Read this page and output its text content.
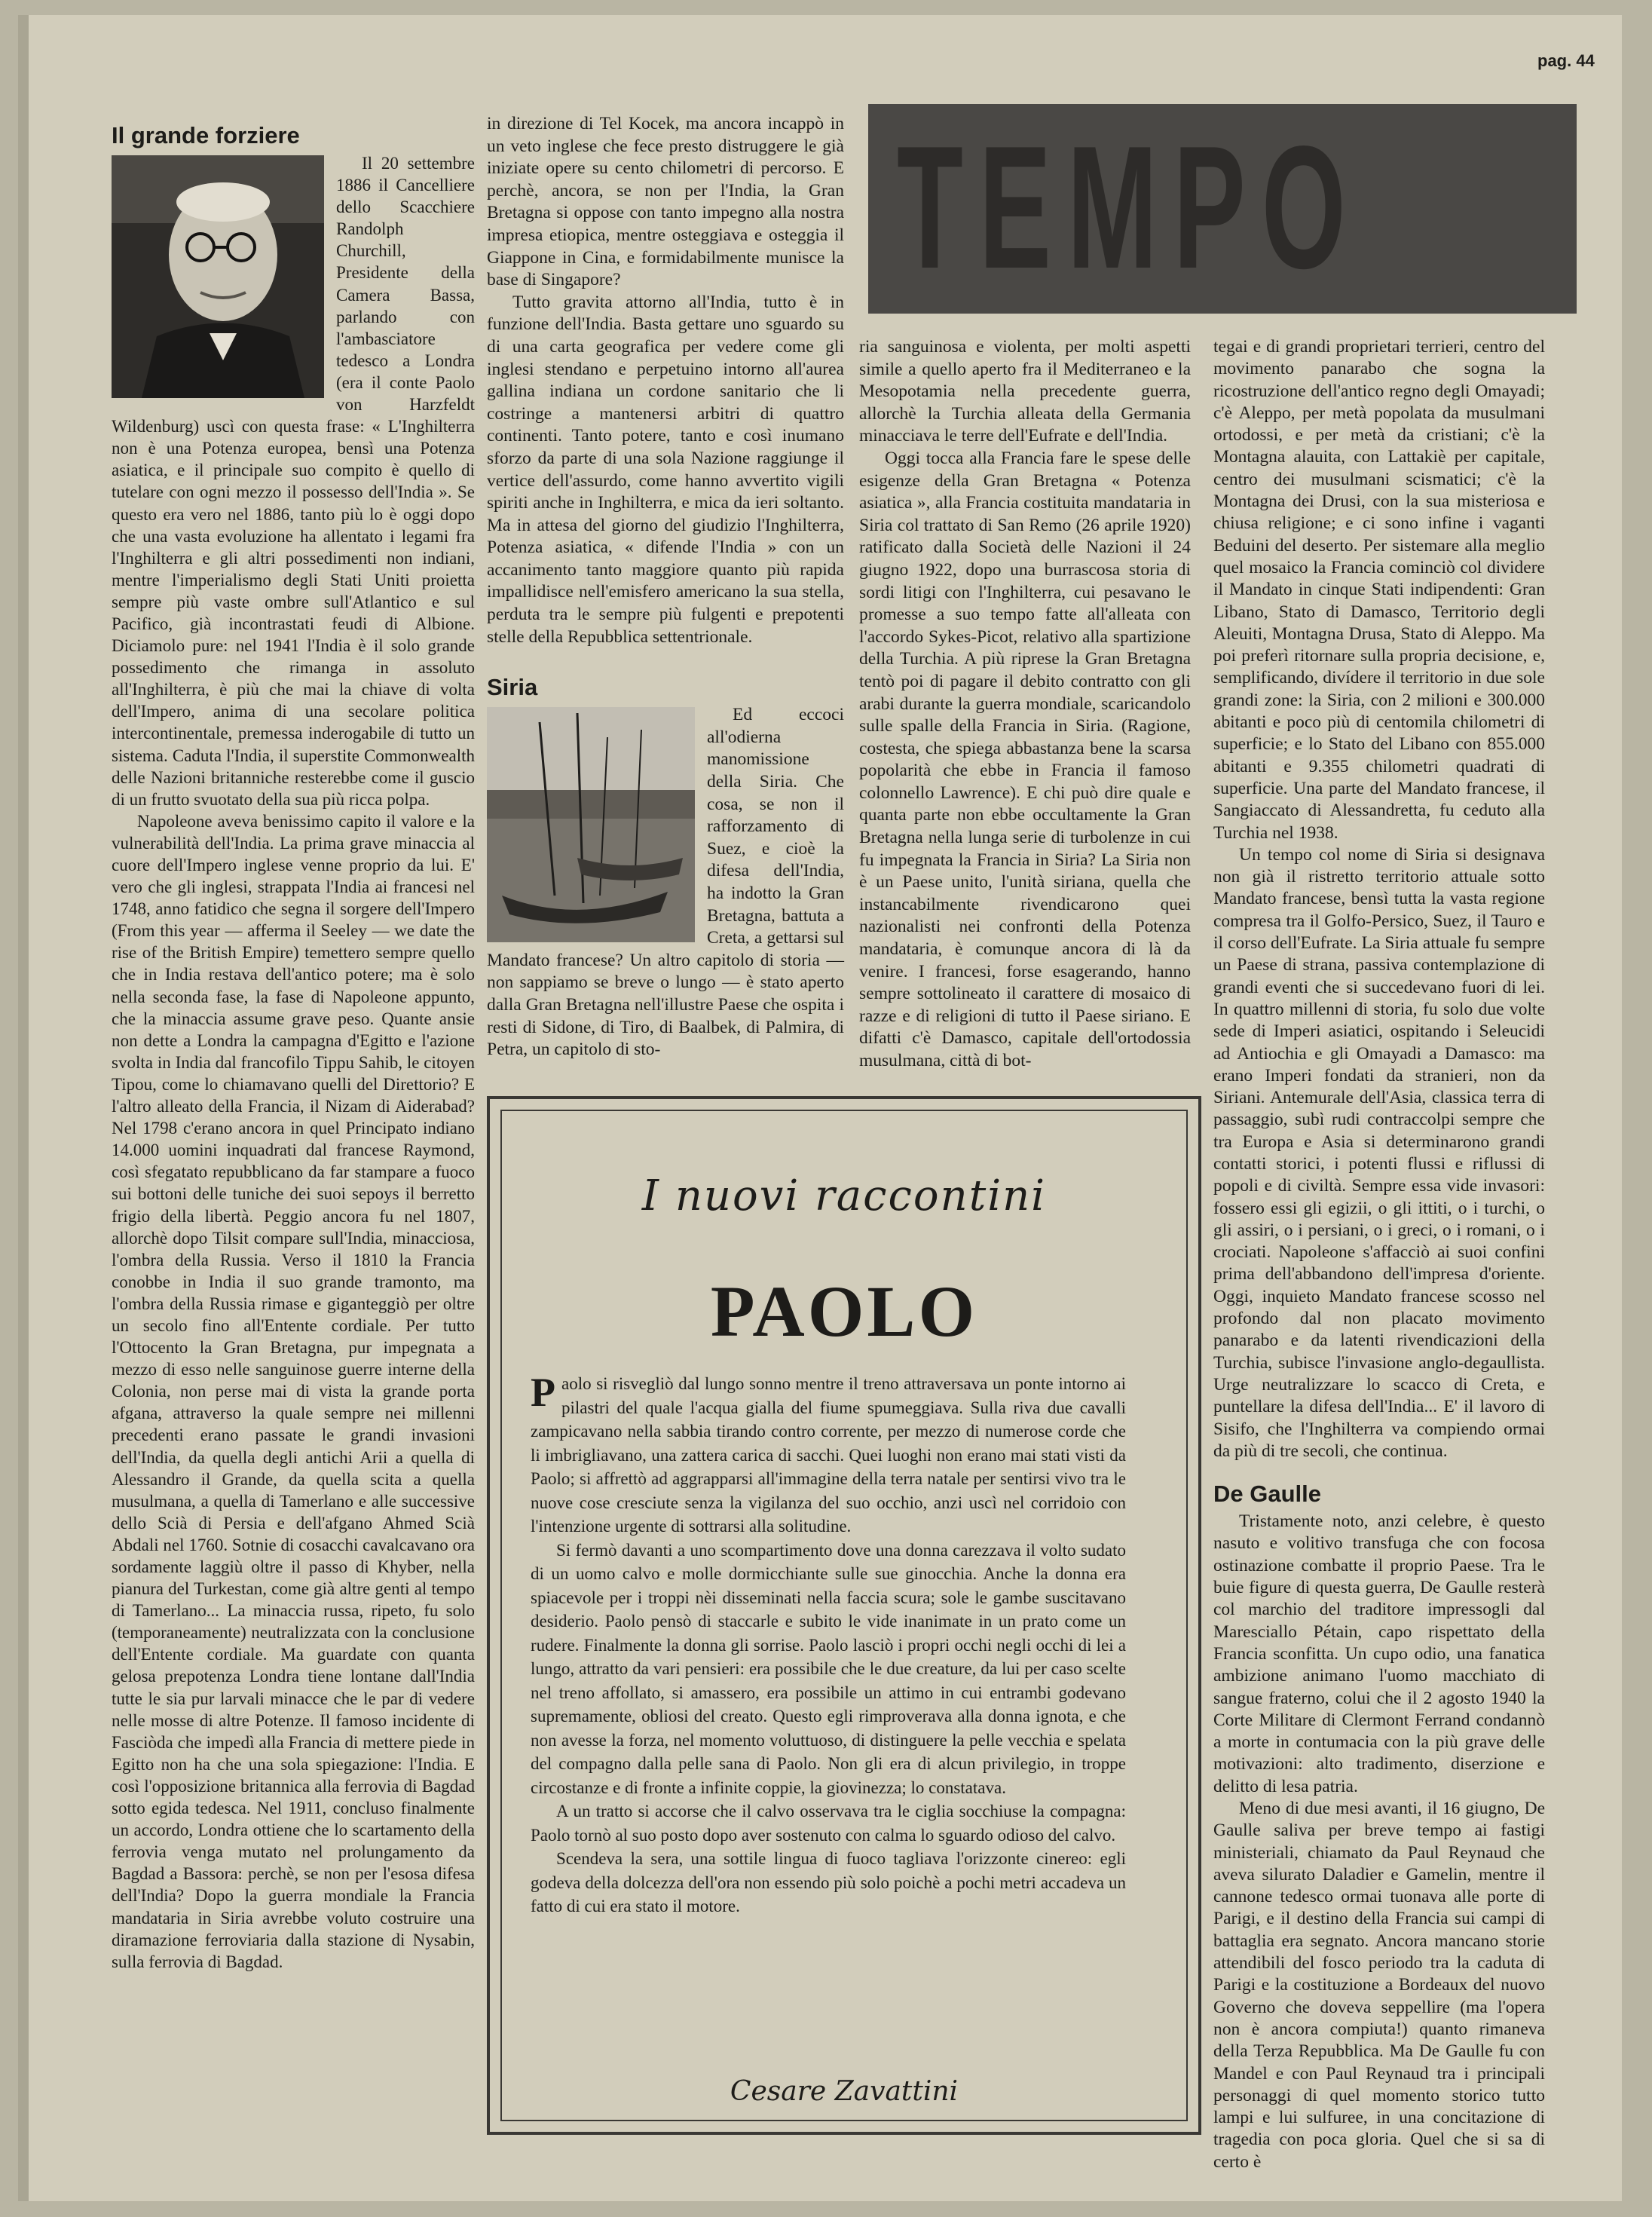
pag. 44
TEMPO
Il grande forziere

Il 20 settembre 1886 il Cancelliere dello Scacchiere Randolph Churchill, Presidente della Camera Bassa, parlando con l'ambasciatore tedesco a Londra (era il conte Paolo von Harzfeldt Wildenburg) uscì con questa frase: « L'Inghilterra non è una Potenza europea, bensì una Potenza asiatica, e il principale suo compito è quello di tutelare con ogni mezzo il possesso dell'India ». Se questo era vero nel 1886, tanto più lo è oggi dopo che una vasta evoluzione ha allentato i legami fra l'Inghilterra e gli altri possedimenti non indiani, mentre l'imperialismo degli Stati Uniti proietta sempre più vaste ombre sull'Atlantico e sul Pacifico, già incontrastati feudi di Albione. Diciamolo pure: nel 1941 l'India è il solo grande possedimento che rimanga in assoluto all'Inghilterra, è più che mai la chiave di volta dell'Impero, anima di una secolare politica intercontinentale, premessa inderogabile di tutto un sistema. Caduta l'India, il superstite Commonwealth delle Nazioni britanniche resterebbe come il guscio di un frutto svuotato della sua più ricca polpa.

Napoleone aveva benissimo capito il valore e la vulnerabilità dell'India. La prima grave minaccia al cuore dell'Impero inglese venne proprio da lui. E' vero che gli inglesi, strappata l'India ai francesi nel 1748, anno fatidico che segna il sorgere dell'Impero (From this year — afferma il Seeley — we date the rise of the British Empire) temettero sempre quello che in India restava dell'antico potere; ma è solo nella seconda fase, la fase di Napoleone appunto, che la minaccia assume grave peso. Quante ansie non dette a Londra la campagna d'Egitto e l'azione svolta in India dal francofilo Tippu Sahib, le citoyen Tipou, come lo chiamavano quelli del Direttorio? E l'altro alleato della Francia, il Nizam di Aiderabad? Nel 1798 c'erano ancora in quel Principato indiano 14.000 uomini inquadrati dal francese Raymond, così sfegatato repubblicano da far stampare a fuoco sui bottoni delle tuniche dei suoi sepoys il berretto frigio della libertà. Peggio ancora fu nel 1807, allorchè dopo Tilsit compare sull'India, minacciosa, l'ombra della Russia. Verso il 1810 la Francia conobbe in India il suo grande tramonto, ma l'ombra della Russia rimase e giganteggiò per oltre un secolo fino all'Entente cordiale. Per tutto l'Ottocento la Gran Bretagna, pur impegnata a mezzo di esso nelle sanguinose guerre interne della Colonia, non perse mai di vista la grande porta afgana, attraverso la quale sempre nei millenni precedenti erano passate le grandi invasioni dell'India, da quella degli antichi Arii a quella di Alessandro il Grande, da quella scita a quella musulmana, a quella di Tamerlano e alle successive dello Scià di Persia e dell'afgano Ahmed Scià Abdali nel 1760. Sotnie di cosacchi cavalcavano ora sordamente laggiù oltre il passo di Khyber, nella pianura del Turkestan, come già altre genti al tempo di Tamerlano... La minaccia russa, ripeto, fu solo (temporaneamente) neutralizzata con la conclusione dell'Entente cordiale. Ma guardate con quanta gelosa prepotenza Londra tiene lontane dall'India tutte le sia pur larvali minacce che le par di vedere nelle mosse di altre Potenze. Il famoso incidente di Fasciòda che impedì alla Francia di mettere piede in Egitto non ha che una sola spiegazione: l'India. E così l'opposizione britannica alla ferrovia di Bagdad sotto egida tedesca. Nel 1911, concluso finalmente un accordo, Londra ottiene che lo scartamento della ferrovia venga mutato nel prolungamento da Bagdad a Bassora: perchè, se non per l'esosa difesa dell'India? Dopo la guerra mondiale la Francia mandataria in Siria avrebbe voluto costruire una diramazione ferroviaria dalla stazione di Nysabin, sulla ferrovia di Bagdad.

in direzione di Tel Kocek, ma ancora incappò in un veto inglese che fece presto distruggere le già iniziate opere su cento chilometri di percorso. E perchè, ancora, se non per l'India, la Gran Bretagna si oppose con tanto impegno alla nostra impresa etiopica, mentre osteggiava e osteggia il Giappone in Cina, e formidabilmente munisce la base di Singapore?

Tutto gravita attorno all'India, tutto è in funzione dell'India. Basta gettare uno sguardo su di una carta geografica per vedere come gli inglesi stendano e perpetuino intorno all'aurea gallina indiana un cordone sanitario che li costringe a mantenersi arbitri di quattro continenti. Tanto potere, tanto e così inumano sforzo da parte di una sola Nazione raggiunge il vertice dell'assurdo, come hanno avvertito vigili spiriti anche in Inghilterra, e mica da ieri soltanto. Ma in attesa del giorno del giudizio l'Inghilterra, Potenza asiatica, « difende l'India » con un accanimento tanto maggiore quanto più rapida impallidisce nell'emisfero americano la sua stella, perduta tra le sempre più fulgenti e prepotenti stelle della Repubblica settentrionale.

Siria

Ed eccoci all'odierna manomissione della Siria. Che cosa, se non il rafforzamento di Suez, e cioè la difesa dell'India, ha indotto la Gran Bretagna, battuta a Creta, a gettarsi sul Mandato francese? Un altro capitolo di storia — non sappiamo se breve o lungo — è stato aperto dalla Gran Bretagna nell'illustre Paese che ospita i resti di Sidone, di Tiro, di Baalbek, di Palmira, di Petra, un capitolo di sto-

ria sanguinosa e violenta, per molti aspetti simile a quello aperto fra il Mediterraneo e la Mesopotamia nella precedente guerra, allorchè la Turchia alleata della Germania minacciava le terre dell'Eufrate e dell'India.

Oggi tocca alla Francia fare le spese delle esigenze della Gran Bretagna « Potenza asiatica », alla Francia costituita mandataria in Siria col trattato di San Remo (26 aprile 1920) ratificato dalla Società delle Nazioni il 24 giugno 1922, dopo una burrascosa storia di sordi litigi con l'Inghilterra, cui pesavano le promesse a suo tempo fatte all'alleata con l'accordo Sykes-Picot, relativo alla spartizione della Turchia. A più riprese la Gran Bretagna tentò poi di pagare il debito contratto con gli arabi durante la guerra mondiale, scaricandolo sulle spalle della Francia in Siria. (Ragione, costesta, che spiega abbastanza bene la scarsa popolarità che ebbe in Francia il famoso colonnello Lawrence). E chi può dire quale e quanta parte non ebbe occultamente la Gran Bretagna nella lunga serie di turbolenze in cui fu impegnata la Francia in Siria? La Siria non è un Paese unito, l'unità siriana, quella che instancabilmente rivendicarono quei nazionalisti nei confronti della Potenza mandataria, è comunque ancora di là da venire. I francesi, forse esagerando, hanno sempre sottolineato il carattere di mosaico di razze e di religioni di tutto il Paese siriano. E difatti c'è Damasco, capitale dell'ortodossia musulmana, città di bot-

tegai e di grandi proprietari terrieri, centro del movimento panarabo che sogna la ricostruzione dell'antico regno degli Omayadi; c'è Aleppo, per metà popolata da musulmani ortodossi, e per metà da cristiani; c'è la Montagna alauita, con Lattakiè per capitale, centro dei musulmani scismatici; c'è la Montagna dei Drusi, con la sua misteriosa e chiusa religione; e ci sono infine i vaganti Beduini del deserto. Per sistemare alla meglio quel mosaico la Francia cominciò col dividere il Mandato in cinque Stati indipendenti: Gran Libano, Stato di Damasco, Territorio degli Aleuiti, Montagna Drusa, Stato di Aleppo. Ma poi preferì ritornare sulla propria decisione, e, semplificando, divídere il territorio in due sole grandi zone: la Siria, con 2 milioni e 300.000 abitanti e poco più di centomila chilometri di superficie; e lo Stato del Libano con 855.000 abitanti e 9.355 chilometri quadrati di superficie. Una parte del Mandato francese, il Sangiaccato di Alessandretta, fu ceduto alla Turchia nel 1938.

Un tempo col nome di Siria si designava non già il ristretto territorio attuale sotto Mandato francese, bensì tutta la vasta regione compresa tra il Golfo-Persico, Suez, il Tauro e il corso dell'Eufrate. La Siria attuale fu sempre un Paese di strana, passiva contemplazione di grandi eventi che si succedevano fuori di lei. In quattro millenni di storia, fu solo due volte sede di Imperi asiatici, ospitando i Seleucidi ad Antiochia e gli Omayadi a Damasco: ma erano Imperi fondati da stranieri, non da Siriani. Antemurale dell'Asia, classica terra di passaggio, subì rudi contraccolpi sempre che tra Europa e Asia si determinarono grandi contatti storici, i potenti flussi e riflussi di popoli e di civiltà. Sempre essa vide invasori: fossero essi gli egizii, o gli ittiti, o i turchi, o gli assiri, o i persiani, o i greci, o i romani, o i crociati. Napoleone s'affacciò ai suoi confini prima dell'abbandono dell'impresa d'oriente. Oggi, inquieto Mandato francese scosso nel profondo dal non placato movimento panarabo e da latenti rivendicazioni della Turchia, subisce l'invasione anglo-degaullista. Urge neutralizzare lo scacco di Creta, e puntellare la difesa dell'India... E' il lavoro di Sisifo, che l'Inghilterra va compiendo ormai da più di tre secoli, che continua.

De Gaulle

Tristamente noto, anzi celebre, è questo nasuto e volitivo transfuga che con focosa ostinazione combatte il proprio Paese. Tra le buie figure di questa guerra, De Gaulle resterà col marchio del traditore impressogli dal Maresciallo Pétain, capo rispettato della Francia sconfitta. Un cupo odio, una fanatica ambizione animano l'uomo macchiato di sangue fraterno, colui che il 2 agosto 1940 la Corte Militare di Clermont Ferrand condannò a morte in contumacia con la più grave delle motivazioni: alto tradimento, diserzione e delitto di lesa patria.

Meno di due mesi avanti, il 16 giugno, De Gaulle saliva per breve tempo ai fastigi ministeriali, chiamato da Paul Reynaud che aveva silurato Daladier e Gamelin, mentre il cannone tedesco ormai tuonava alle porte di Parigi, e il destino della Francia sui campi di battaglia era segnato. Ancora mancano storie attendibili del fosco periodo tra la caduta di Parigi e la costituzione a Bordeaux del nuovo Governo che doveva seppellire (ma l'opera non è ancora compiuta!) quanto rimaneva della Terza Repubblica. Ma De Gaulle fu con Mandel e con Paul Reynaud tra i principali personaggi di quel momento storico tutto lampi e lui sulfuree, in una concitazione di tragedia con poca gloria. Quel che si sa di certo è

I nuovi raccontini
PAOLO

Paolo si risvegliò dal lungo sonno mentre il treno attraversava un ponte intorno ai pilastri del quale l'acqua gialla del fiume spumeggiava. Sulla riva due cavalli zampicavano nella sabbia tirando contro corrente, per mezzo di numerose corde che li imbrigliavano, una zattera carica di sacchi. Quei luoghi non erano mai stati visti da Paolo; si affrettò ad aggrapparsi all'immagine della terra natale per sentirsi vivo tra le nuove cose cresciute senza la vigilanza del suo occhio, anzi uscì nel corridoio con l'intenzione urgente di sottrarsi alla solitudine.

Si fermò davanti a uno scompartimento dove una donna carezzava il volto sudato di un uomo calvo e molle dormicchiante sulle sue ginocchia. Anche la donna era spiacevole per i troppi nèi disseminati nella faccia scura; sole le gambe suscitavano desiderio. Paolo pensò di staccarle e subito le vide inanimate in un prato come un rudere. Finalmente la donna gli sorrise. Paolo lasciò i propri occhi negli occhi di lei a lungo, attratto da vari pensieri: era possibile che le due creature, da lui per caso scelte nel treno affollato, si amassero, era possibile un attimo in cui entrambi godevano supremamente, obliosi del creato. Questo egli rimproverava alla donna ignota, e che non avesse la forza, nel momento voluttuoso, di distinguere la pelle vecchia e spelata del compagno dalla pelle sana di Paolo. Non gli era di alcun privilegio, in troppe circostanze e di fronte a infinite coppie, la giovinezza; lo constatava.

A un tratto si accorse che il calvo osservava tra le ciglia socchiuse la compagna: Paolo tornò al suo posto dopo aver sostenuto con calma lo sguardo odioso del calvo.

Scendeva la sera, una sottile lingua di fuoco tagliava l'orizzonte cinereo: egli godeva della dolcezza dell'ora non essendo più solo poichè a pochi metri accadeva un fatto di cui era stato il motore.

Cesare Zavattini
